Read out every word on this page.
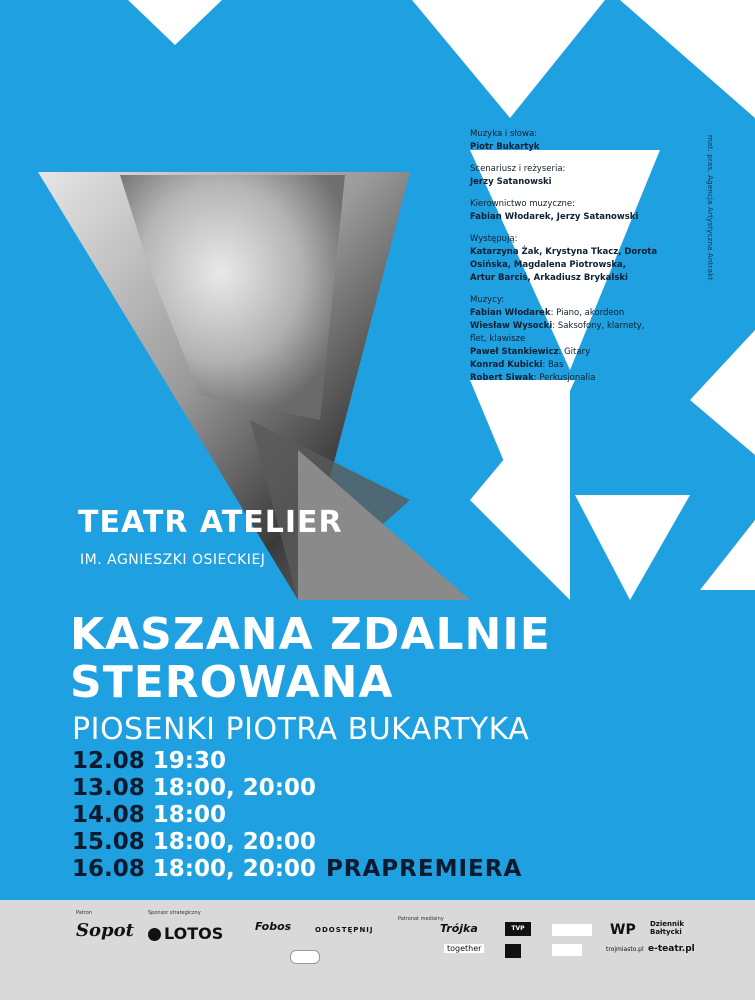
Muzyka i słowa:
Piotr Bukartyk
Scenariusz i reżyseria:
Jerzy Satanowski
Kierownictwo muzyczne:
Fabian Włodarek, Jerzy Satanowski
Występują:
Katarzyna Żak, Krystyna Tkacz, Dorota
Osińska, Magdalena Piotrowska,
Artur Barciś, Arkadiusz Brykalski
Muzycy:
Fabian Włodarek: Piano, akordeon
Wiesław Wysocki: Saksofony, klarnety,
flet, klawisze
Paweł Stankiewicz: Gitary
Konrad Kubicki: Bas
Robert Siwak: Perkusjonalia
mat. pras. Agencja Artystyczna Antrakt
TEATR ATELIER
IM. AGNIESZKI OSIECKIEJ
KASZANA ZDALNIE
STEROWANA
PIOSENKI PIOTRA BUKARTYKA
12.08 19:30
13.08 18:00, 20:00
14.08 18:00
15.08 18:00, 20:00
16.08 18:00, 20:00 PRAPREMIERA
Patron	Sponsor strategiczny
Patronat medialny
Sopot	LOTOS	Fobos	ODOSTĘPNIJ	Trójka
together
TVP	WP
trojmiasto.pl
Dziennik Bałtycki
e-teatr.pl
